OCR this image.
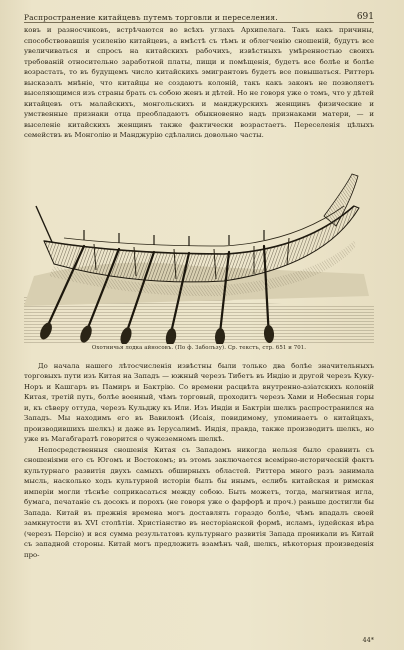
Распространение китайцевъ путемъ торговли и переселения.	691

ковъ и разносчиковъ, встрѣчаются во всѣхъ углахъ Архипелага. Такъ какъ причины, способствовавшія усиленію китайцевъ, а вмѣстѣ съ тѣмъ и облегченію сношеній, будутъ все увеличиваться и спросъ на китайскихъ рабочихъ, извѣстныхъ умѣренностью своихъ требованій относительно заработной платы, пищи и помѣщенія, будетъ все болѣе и болѣе возрастать, то въ будущемъ число китайскихъ эмигрантовъ будетъ все повышаться. Риттеръ высказалъ мнѣніе, что китайцы не создаютъ колоній, такъ какъ законъ не позволяетъ выселяющимся изъ страны брать съ собою женъ и дѣтей. Но не говоря уже о томъ, что у дѣтей китайцевъ отъ малайскихъ, монгольскихъ и манджурскихъ женщинъ физические и умственные признаки отца преобладаютъ обыкновенно надъ признаками матери, — и выселеніе китайскихъ женщинъ также фактически возрастаетъ. Переселенія цѣлыхъ семействъ въ Монголію и Манджурію сдѣлались довольно часты.

Охотничья лодка айносовъ. (По ф. Заболъзу). Ср. текстъ, стр. 651 и 701.

До начала нашего лѣтосчисленія извѣстны были только два болѣе значительныхъ торговыхъ пути изъ Китая на Западъ — южный черезъ Тибетъ въ Индію и другой черезъ Куку-Норъ и Кашгаръ въ Памиръ и Бактрію. Со времени расцвѣта внутренно-азіатскихъ колоній Китая, третій путь, болѣе военный, чѣмъ торговый, проходитъ черезъ Хами и Небесныя горы и, къ сѣверу оттуда, черезъ Кульджу къ Или. Изъ Индіи и Бактріи шелкъ распространился на Западъ. Мы находимъ его въ Вавилонѣ (Исаія, повидимому, упоминаетъ о китайцахъ, производившихъ шелкъ) и даже въ Іерусалимѣ. Индія, правда, также производитъ шелкъ, но уже въ Магабгаратѣ говорится о чужеземномъ шелкѣ.

Непосредственныя сношенія Китая съ Западомъ никогда нельзя было сравнить съ сношеніями его съ Югомъ и Востокомъ; въ этомъ заключается всемірно-историческій фактъ культурнаго развитія двухъ самыхъ обширныхъ областей. Риттера много разъ занимала мысль, насколько ходъ культурной исторіи былъ бы инымъ, еслибъ китайская и римская имперіи могли тѣснѣе соприкасаться между собою. Быть можетъ, тогда, магнитная игла, бумага, печатаніе съ досокъ и порохъ (не говоря уже о фарфорѣ и проч.) раньше достигли бы Запада. Китай въ прежнія времена могъ доставлять гораздо болѣе, чѣмъ впадалъ своей замкнутости въ XVI столѣтіи. Христіанство въ несторіанской формѣ, исламъ, іудейская вѣра (черезъ Персію) и вся сумма результатовъ культурнаго развитія Запада проникали въ Китай съ западной стороны. Китай могъ предложить взамѣнъ чай, шелкъ, нѣкоторыя произведенія про-

44*
